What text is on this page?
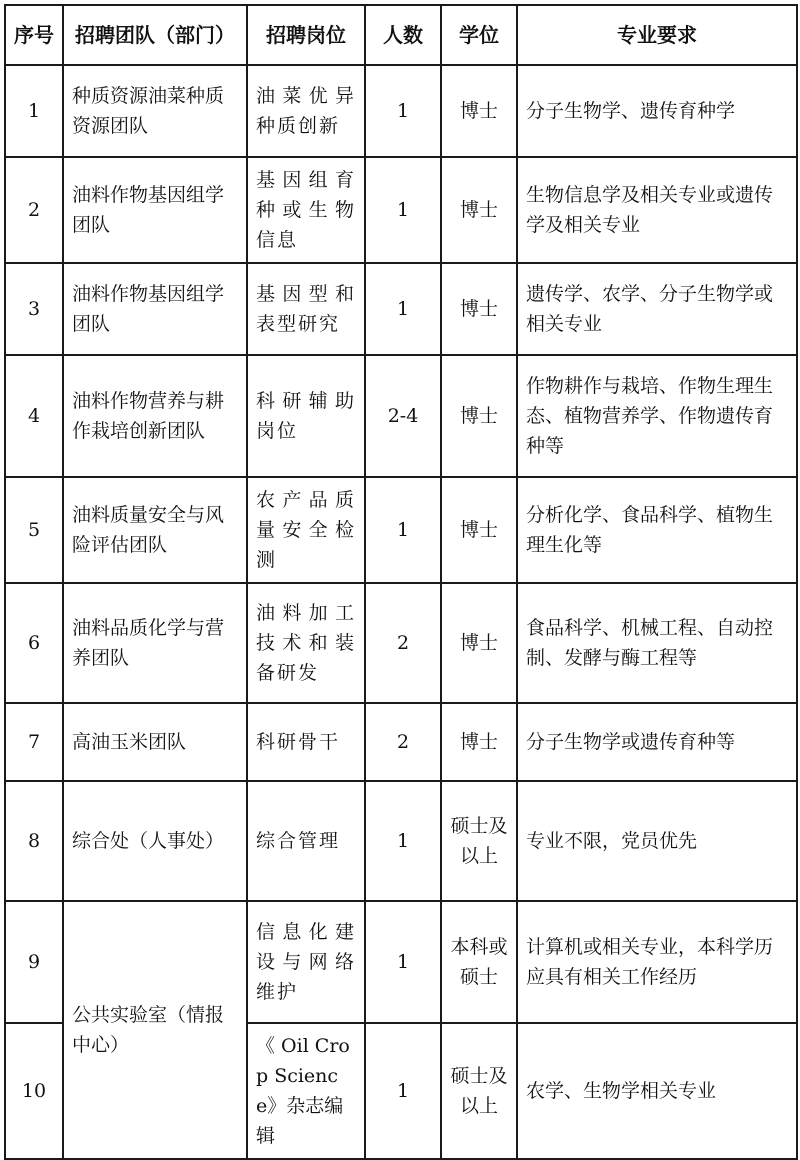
序号	招聘团队（部门）	招聘岗位	人数	学位	专业要求
1	种质资源油菜种质资源团队	油菜优异种质创新	1	博士	分子生物学、遗传育种学
2	油料作物基因组学团队	基因组育种或生物信息	1	博士	生物信息学及相关专业或遗传学及相关专业
3	油料作物基因组学团队	基因型和表型研究	1	博士	遗传学、农学、分子生物学或相关专业
4	油料作物营养与耕作栽培创新团队	科研辅助岗位	2-4	博士	作物耕作与栽培、作物生理生态、植物营养学、作物遗传育种等
5	油料质量安全与风险评估团队	农产品质量安全检测	1	博士	分析化学、食品科学、植物生理生化等
6	油料品质化学与营养团队	油料加工技术和装备研发	2	博士	食品科学、机械工程、自动控制、发酵与酶工程等
7	高油玉米团队	科研骨干	2	博士	分子生物学或遗传育种等
8	综合处（人事处）	综合管理	1	硕士及以上	专业不限，党员优先
9	公共实验室（情报中心）	信息化建设与网络维护	1	本科或硕士	计算机或相关专业，本科学历应具有相关工作经历
10		《 Oil Crop Science》杂志编辑	1	硕士及以上	农学、生物学相关专业
